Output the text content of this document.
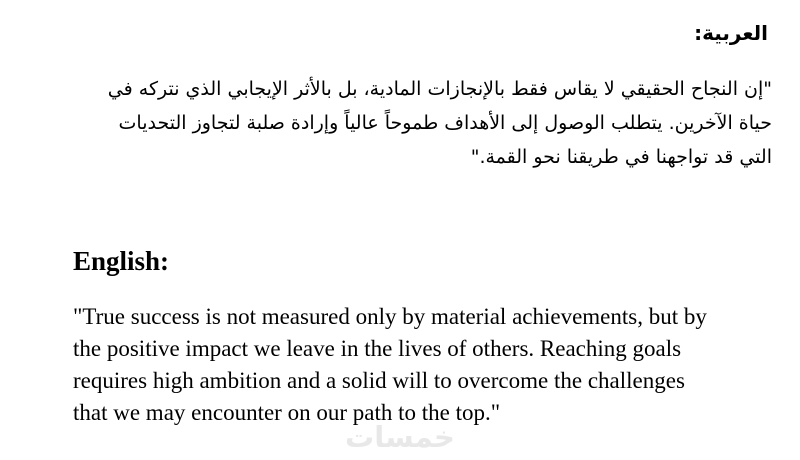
العربية:
"إن النجاح الحقيقي لا يقاس فقط بالإنجازات المادية، بل بالأثر الإيجابي الذي نتركه في
حياة الآخرين. يتطلب الوصول إلى الأهداف طموحاً عالياً وإرادة صلبة لتجاوز التحديات
التي قد تواجهنا في طريقنا نحو القمة."
English:
"True success is not measured only by material achievements, but by
the positive impact we leave in the lives of others. Reaching goals
requires high ambition and a solid will to overcome the challenges
that we may encounter on our path to the top."
خمسات
